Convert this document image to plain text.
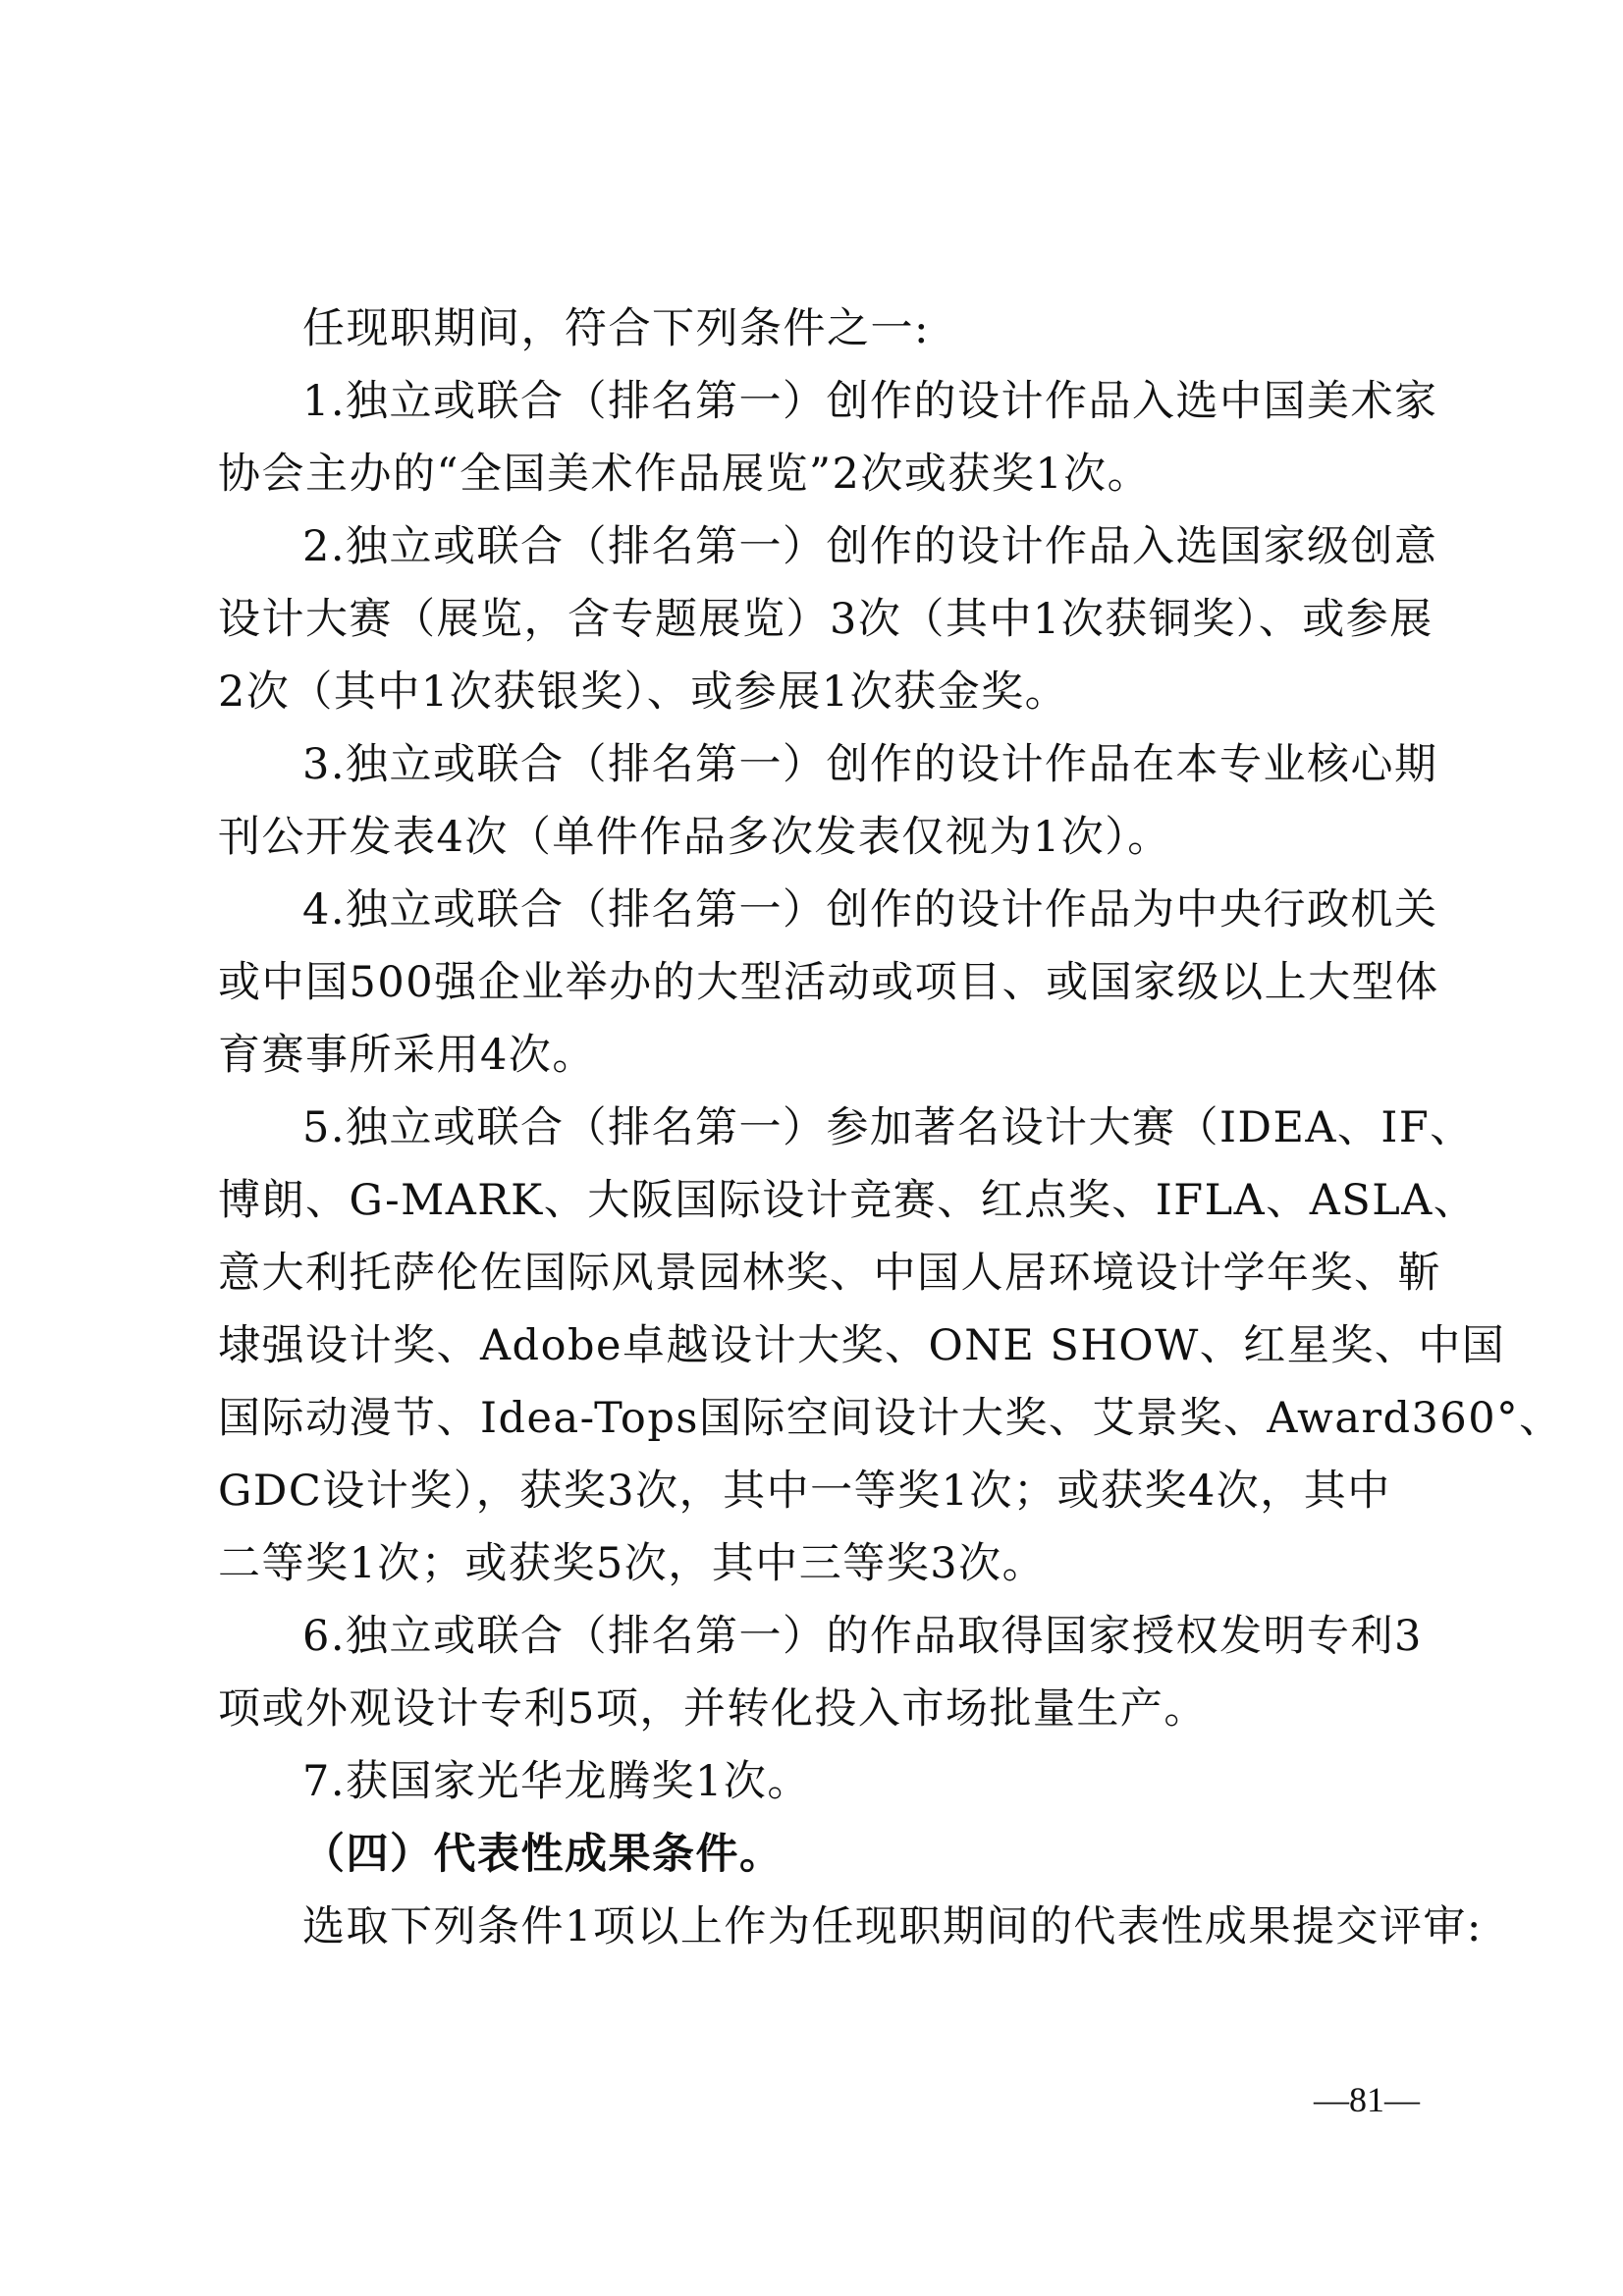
任现职期间，符合下列条件之一:
1.独立或联合（排名第一）创作的设计作品入选中国美术家
协会主办的“全国美术作品展览”2次或获奖1次。
2.独立或联合（排名第一）创作的设计作品入选国家级创意
设计大赛（展览，含专题展览）3次（其中1次获铜奖）、或参展
2次（其中1次获银奖）、或参展1次获金奖。
3.独立或联合（排名第一）创作的设计作品在本专业核心期
刊公开发表4次（单件作品多次发表仅视为1次）。
4.独立或联合（排名第一）创作的设计作品为中央行政机关
或中国500强企业举办的大型活动或项目、或国家级以上大型体
育赛事所采用4次。
5.独立或联合（排名第一）参加著名设计大赛（IDEA、IF、
博朗、G-MARK、大阪国际设计竞赛、红点奖、IFLA、ASLA、
意大利托萨伦佐国际风景园林奖、中国人居环境设计学年奖、靳
埭强设计奖、Adobe卓越设计大奖、ONE SHOW、红星奖、中国
国际动漫节、Idea-Tops国际空间设计大奖、艾景奖、Award360°、
GDC设计奖），获奖3次，其中一等奖1次；或获奖4次，其中
二等奖1次；或获奖5次，其中三等奖3次。
6.独立或联合（排名第一）的作品取得国家授权发明专利3
项或外观设计专利5项，并转化投入市场批量生产。
7.获国家光华龙腾奖1次。
（四）代表性成果条件。
选取下列条件1项以上作为任现职期间的代表性成果提交评审:
—81—
